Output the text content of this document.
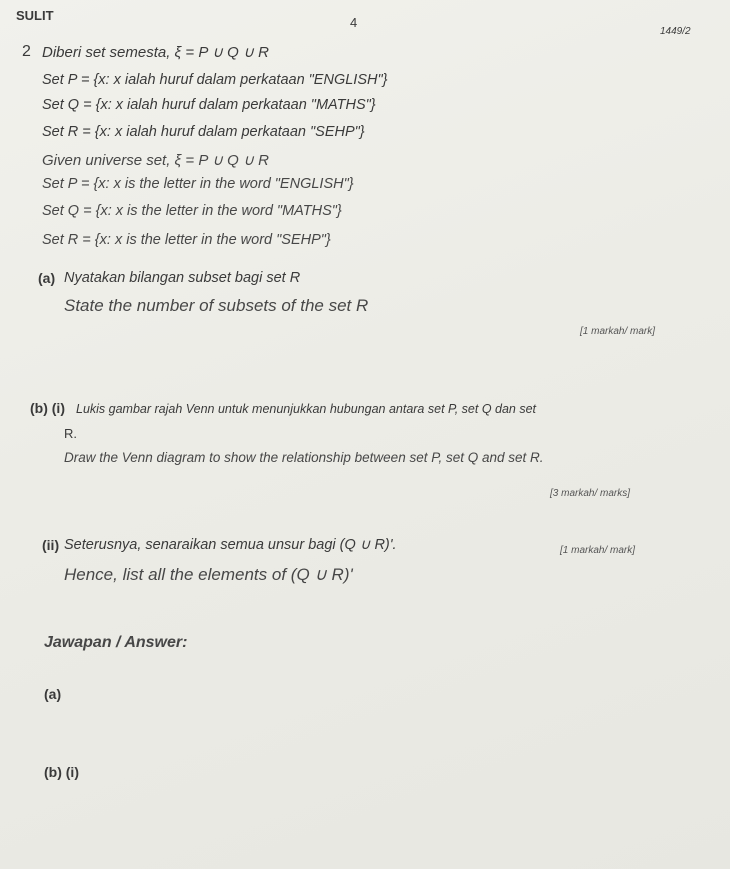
SULIT	4
1449/2
2 Diberi set semesta, ξ = P ∪ Q ∪ R
Set P = {x: x ialah huruf dalam perkataan "ENGLISH"}
Set Q = {x: x ialah huruf dalam perkataan "MATHS"}
Set R = {x: x ialah huruf dalam perkataan "SEHP"}
Given universe set, ξ = P ∪ Q ∪ R
Set P = {x: x is the letter in the word "ENGLISH"}
Set Q = {x: x is the letter in the word "MATHS"}
Set R = {x: x is the letter in the word "SEHP"}
(a) Nyatakan bilangan subset bagi set R
State the number of subsets of the set R
[1 markah/ mark]
(b) (i) Lukis gambar rajah Venn untuk menunjukkan hubungan antara set P, set Q dan set
R.
Draw the Venn diagram to show the relationship between set P, set Q and set R.
[3 markah/ marks]
(ii) Seterusnya, senaraikan semua unsur bagi (Q ∪ R)'.	[1 markah/ mark]
Hence, list all the elements of (Q ∪ R)'
Jawapan / Answer:
(a)
(b) (i)
